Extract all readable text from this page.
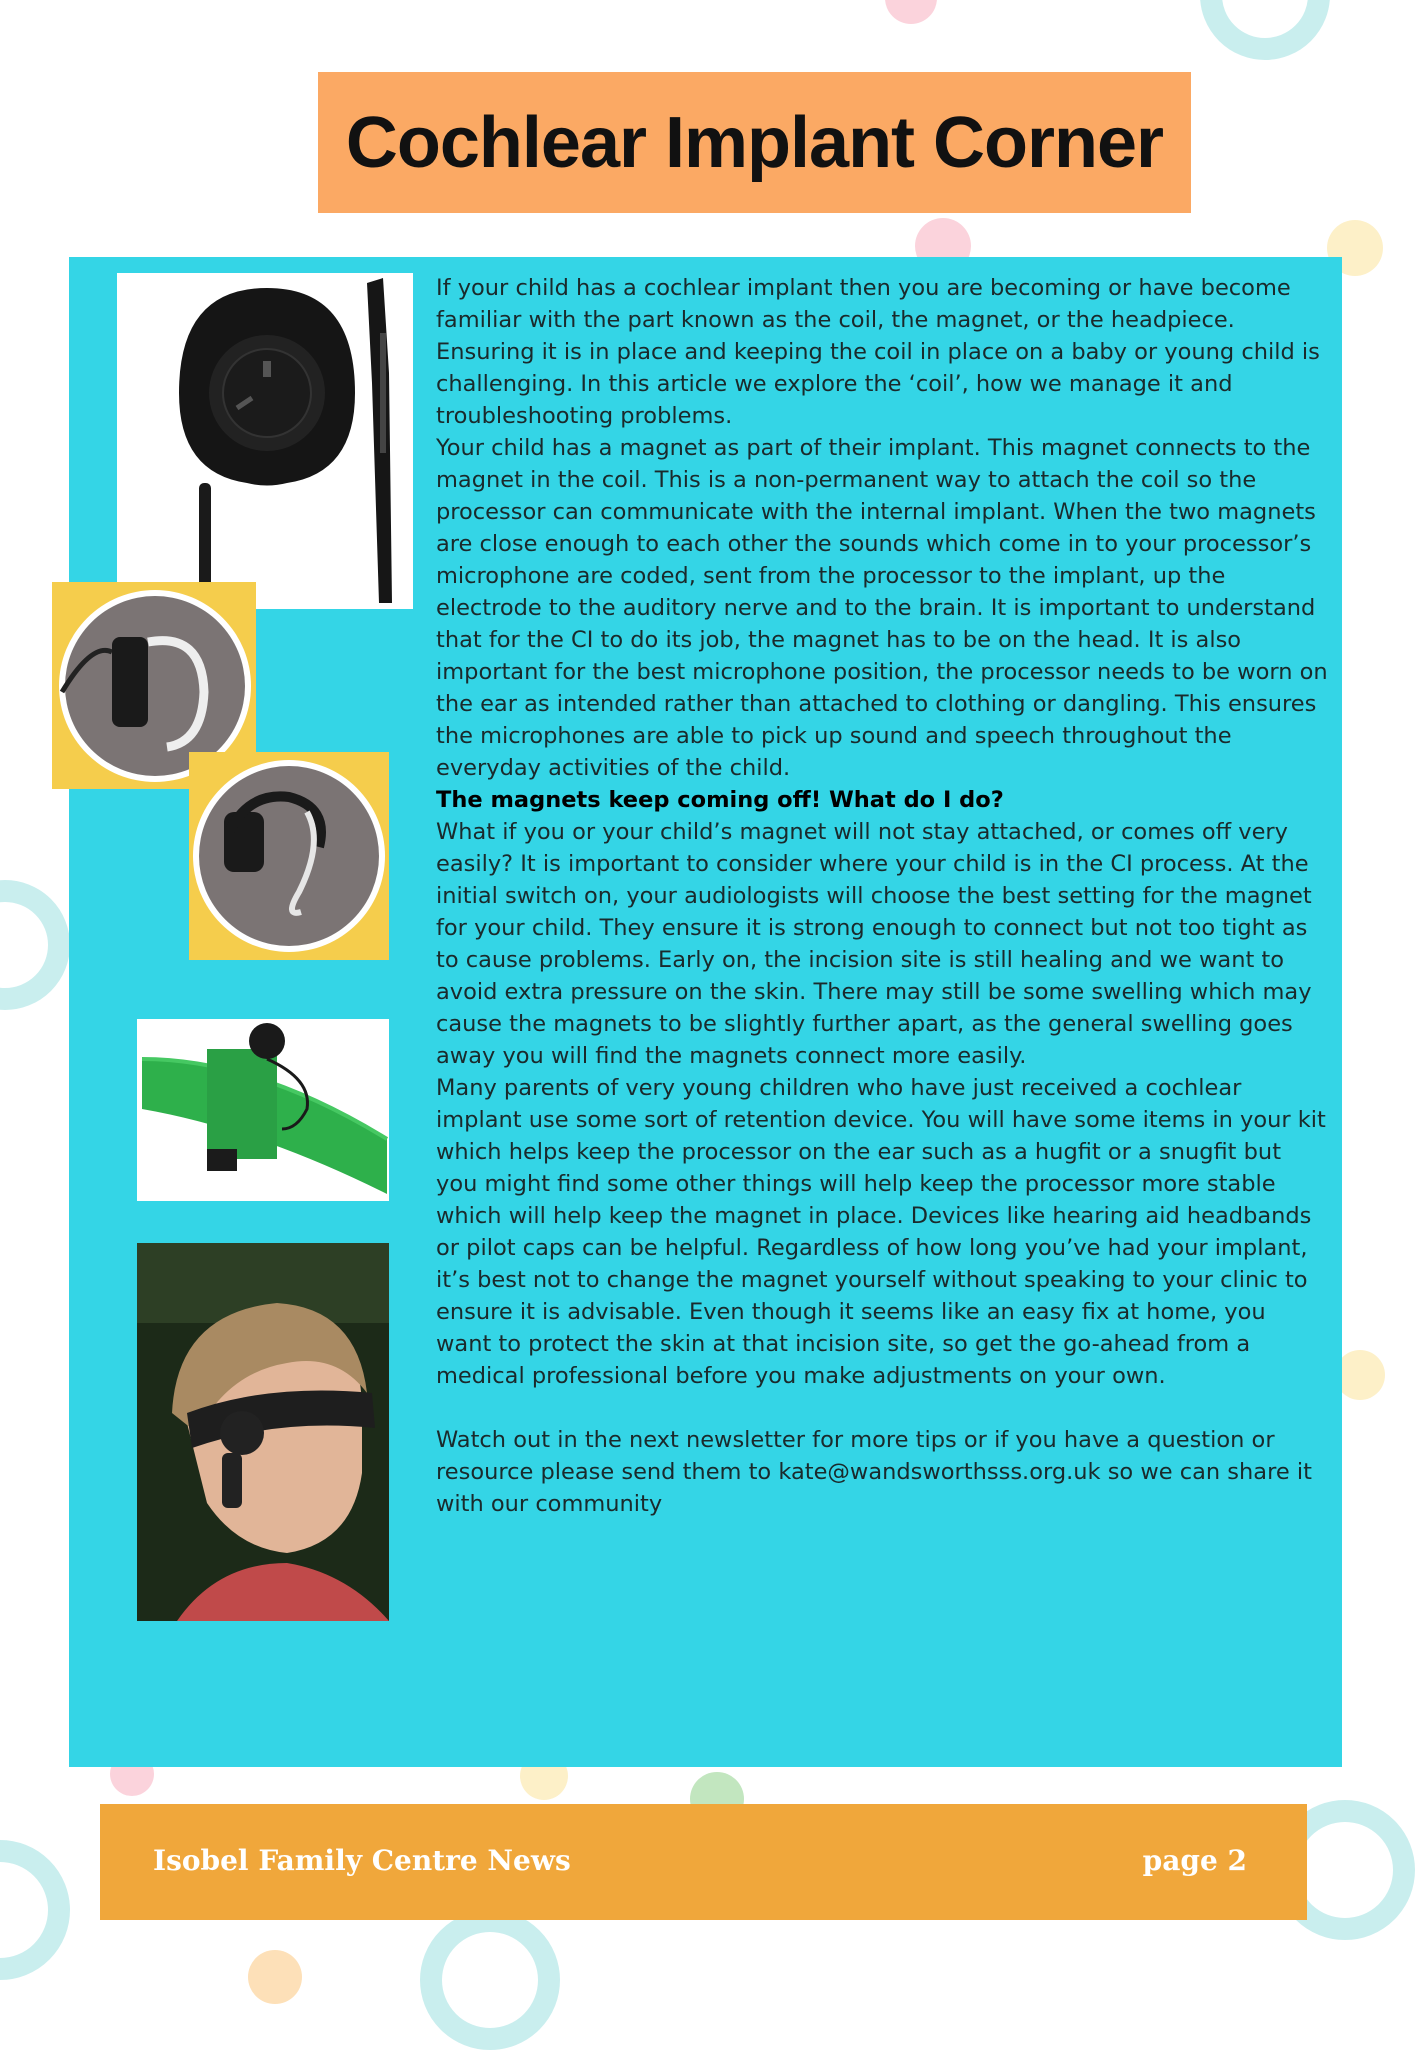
Cochlear Implant Corner

If your child has a cochlear implant then you are becoming or have become familiar with the part known as the coil, the magnet, or the headpiece. Ensuring it is in place and keeping the coil in place on a baby or young child is challenging. In this article we explore the ‘coil’, how we manage it and troubleshooting problems.

Your child has a magnet as part of their implant. This magnet connects to the magnet in the coil. This is a non-permanent way to attach the coil so the processor can communicate with the internal implant. When the two magnets are close enough to each other the sounds which come in to your processor’s microphone are coded, sent from the processor to the implant, up the electrode to the auditory nerve and to the brain. It is important to understand that for the CI to do its job, the magnet has to be on the head. It is also important for the best microphone position, the processor needs to be worn on the ear as intended rather than attached to clothing or dangling. This ensures the microphones are able to pick up sound and speech throughout the everyday activities of the child.

The magnets keep coming off! What do I do?

What if you or your child’s magnet will not stay attached, or comes off very easily? It is important to consider where your child is in the CI process. At the initial switch on, your audiologists will choose the best setting for the magnet for your child. They ensure it is strong enough to connect but not too tight as to cause problems. Early on, the incision site is still healing and we want to avoid extra pressure on the skin. There may still be some swelling which may cause the magnets to be slightly further apart, as the general swelling goes away you will find the magnets connect more easily.

Many parents of very young children who have just received a cochlear implant use some sort of retention device. You will have some items in your kit which helps keep the processor on the ear such as a hugfit or a snugfit but you might find some other things will help keep the processor more stable which will help keep the magnet in place. Devices like hearing aid headbands or pilot caps can be helpful. Regardless of how long you’ve had your implant, it’s best not to change the magnet yourself without speaking to your clinic to ensure it is advisable. Even though it seems like an easy fix at home, you want to protect the skin at that incision site, so get the go-ahead from a medical professional before you make adjustments on your own.

Watch out in the next newsletter for more tips or if you have a question or resource please send them to kate@wandsworthsss.org.uk so we can share it with our community

Isobel Family Centre News	page 2
